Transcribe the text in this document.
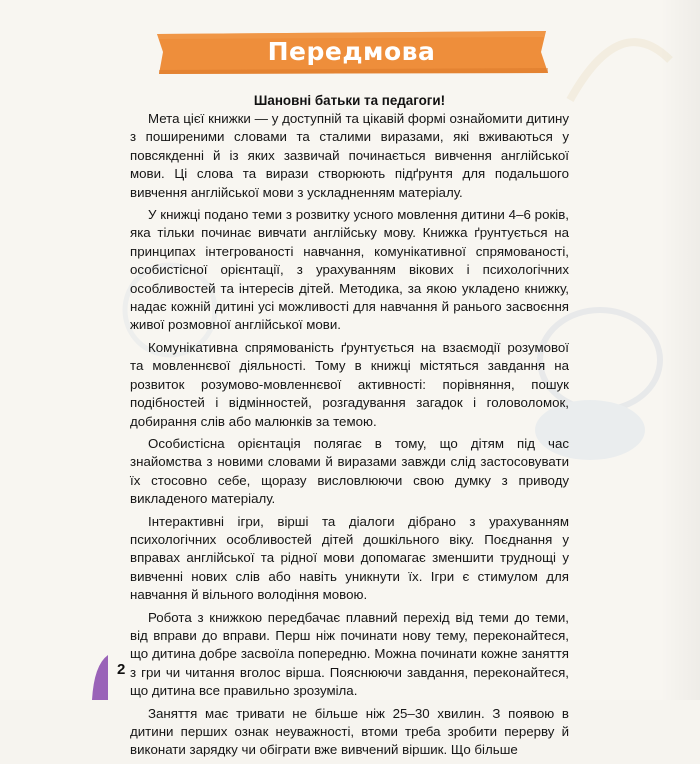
Передмова
Шановні батьки та педагоги!

Мета цієї книжки — у доступній та цікавій формі ознайомити дитину з поширеними словами та сталими виразами, які вживаються у повсякденні й із яких зазвичай починається вивчення англійської мови. Ці слова та вирази створюють підґрунтя для подальшого вивчення англійської мови з ускладненням матеріалу.

У книжці подано теми з розвитку усного мовлення дитини 4–6 років, яка тільки починає вивчати англійську мову. Книжка ґрунтується на принципах інтегрованості навчання, комунікативної спрямованості, особистісної орієнтації, з урахуванням вікових і психологічних особливостей та інтересів дітей. Методика, за якою укладено книжку, надає кожній дитині усі можливості для навчання й ранього засвоєння живої розмовної англійської мови.

Комунікативна спрямованість ґрунтується на взаємодії розумової та мовленнєвої діяльності. Тому в книжці містяться завдання на розвиток розумово-мовленнєвої активності: порівняння, пошук подібностей і відмінностей, розгадування загадок і головоломок, добирання слів або малюнків за темою.

Особистісна орієнтація полягає в тому, що дітям під час знайомства з новими словами й виразами завжди слід застосовувати їх стосовно себе, щоразу висловлюючи свою думку з приводу викладеного матеріалу.

Інтерактивні ігри, вірші та діалоги дібрано з урахуванням психологічних особливостей дітей дошкільного віку. Поєднання у вправах англійської та рідної мови допомагає зменшити труднощі у вивченні нових слів або навіть уникнути їх. Ігри є стимулом для навчання й вільного володіння мовою.

Робота з книжкою передбачає плавний перехід від теми до теми, від вправи до вправи. Перш ніж починати нову тему, переконайтеся, що дитина добре засвоїла попередню. Можна починати кожне заняття з гри чи читання вголос вірша. Пояснюючи завдання, переконайтеся, що дитина все правильно зрозуміла.

Заняття має тривати не більше ніж 25–30 хвилин. З появою в дитини перших ознак неуважності, втоми треба зробити перерву й виконати зарядку чи обіграти вже вивчений віршик. Що більше

2
